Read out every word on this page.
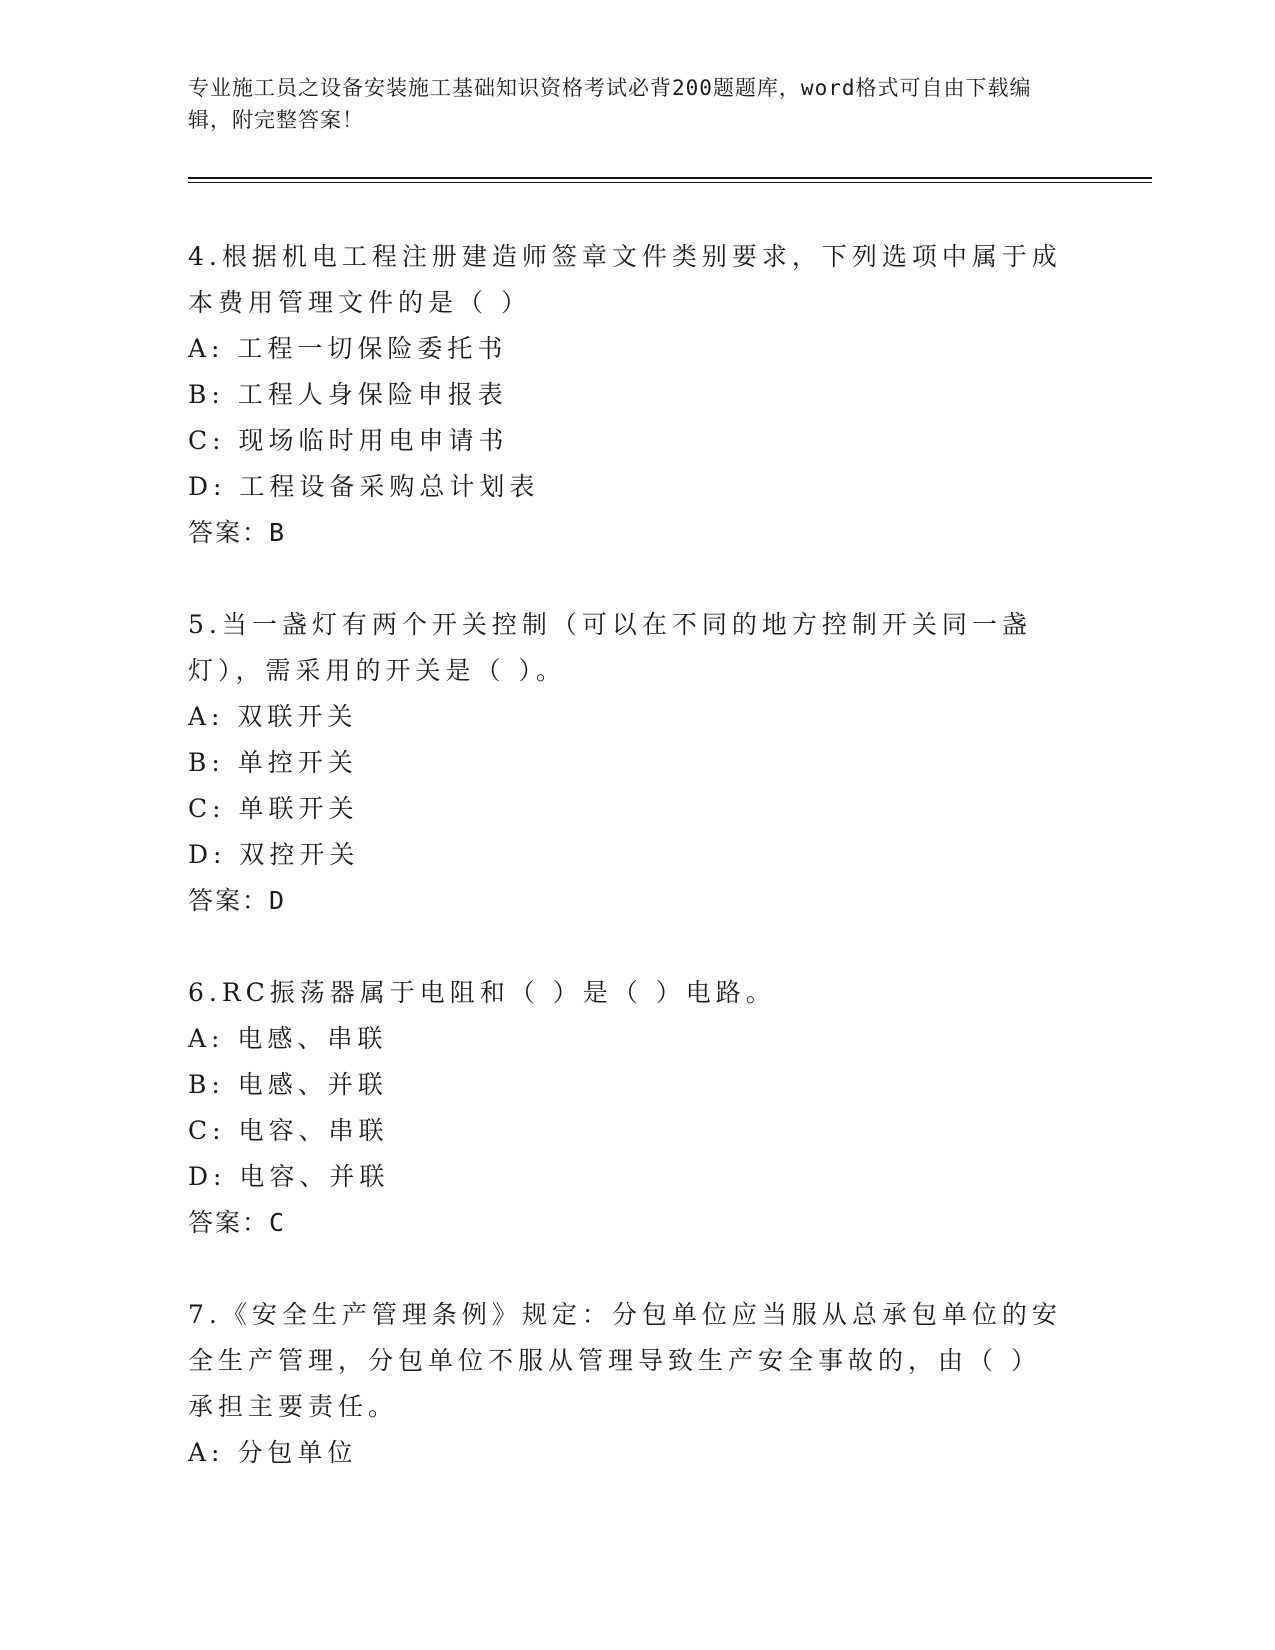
专业施工员之设备安装施工基础知识资格考试必背200题题库，word格式可自由下载编辑，附完整答案！

4.根据机电工程注册建造师签章文件类别要求，下列选项中属于成本费用管理文件的是（ ）

A: 工程一切保险委托书

B: 工程人身保险申报表

C: 现场临时用电申请书

D: 工程设备采购总计划表

答案：B

5.当一盏灯有两个开关控制（可以在不同的地方控制开关同一盏灯），需采用的开关是（ ）。

A: 双联开关

B: 单控开关

C: 单联开关

D: 双控开关

答案：D

6.RC振荡器属于电阻和（ ）是（ ）电路。

A: 电感、串联

B: 电感、并联

C: 电容、串联

D: 电容、并联

答案：C

7.《安全生产管理条例》规定：分包单位应当服从总承包单位的安全生产管理，分包单位不服从管理导致生产安全事故的，由（ ）承担主要责任。

A: 分包单位
